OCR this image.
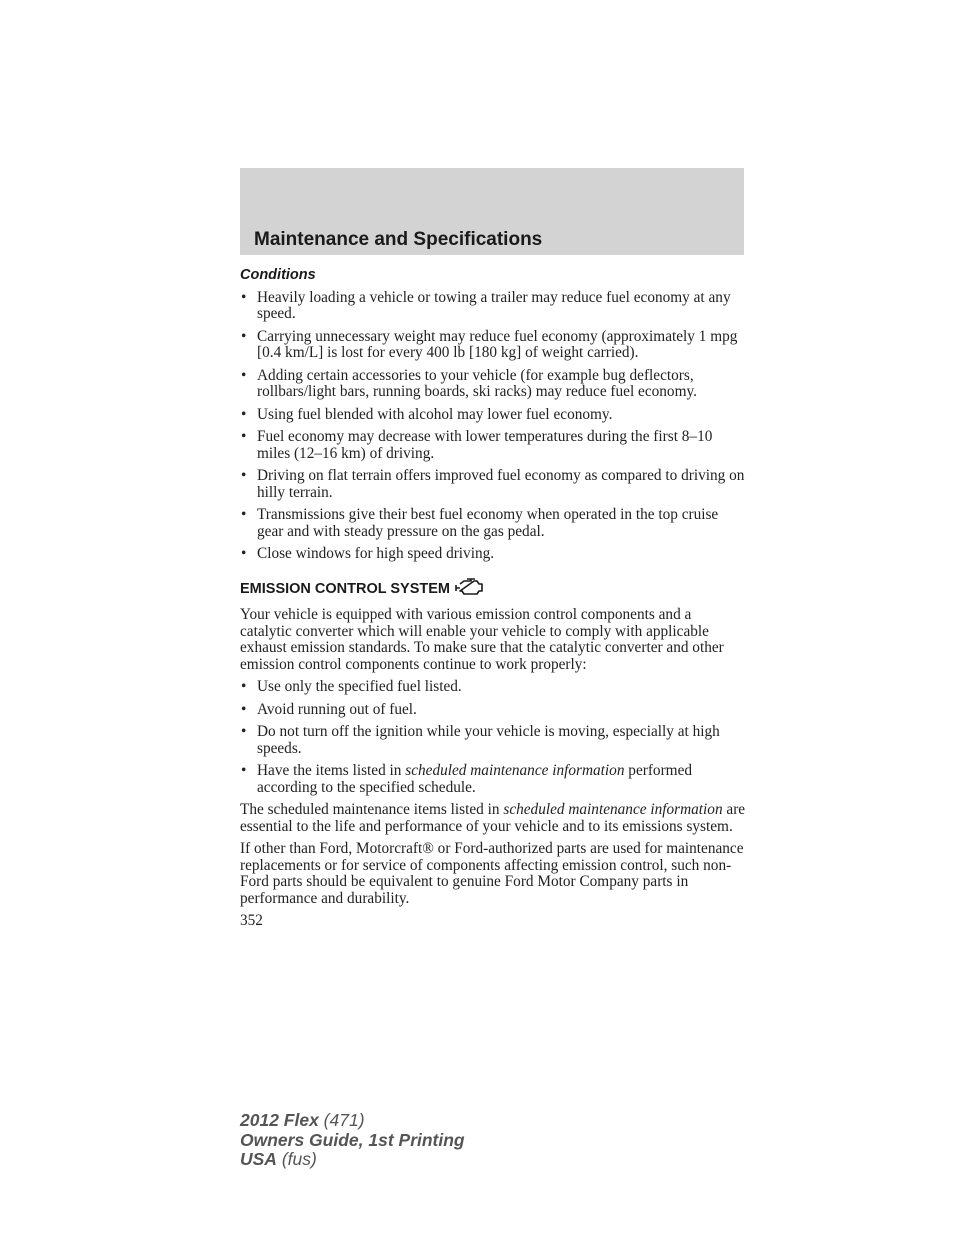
Maintenance and Specifications
Conditions
• Heavily loading a vehicle or towing a trailer may reduce fuel economy at any speed.
• Carrying unnecessary weight may reduce fuel economy (approximately 1 mpg [0.4 km/L] is lost for every 400 lb [180 kg] of weight carried).
• Adding certain accessories to your vehicle (for example bug deflectors, rollbars/light bars, running boards, ski racks) may reduce fuel economy.
• Using fuel blended with alcohol may lower fuel economy.
• Fuel economy may decrease with lower temperatures during the first 8–10 miles (12–16 km) of driving.
• Driving on flat terrain offers improved fuel economy as compared to driving on hilly terrain.
• Transmissions give their best fuel economy when operated in the top cruise gear and with steady pressure on the gas pedal.
• Close windows for high speed driving.
EMISSION CONTROL SYSTEM

Your vehicle is equipped with various emission control components and a catalytic converter which will enable your vehicle to comply with applicable exhaust emission standards. To make sure that the catalytic converter and other emission control components continue to work properly:

• Use only the specified fuel listed.
• Avoid running out of fuel.
• Do not turn off the ignition while your vehicle is moving, especially at high speeds.
• Have the items listed in scheduled maintenance information performed according to the specified schedule.

The scheduled maintenance items listed in scheduled maintenance information are essential to the life and performance of your vehicle and to its emissions system.

If other than Ford, Motorcraft® or Ford-authorized parts are used for maintenance replacements or for service of components affecting emission control, such non-Ford parts should be equivalent to genuine Ford Motor Company parts in performance and durability.

352
2012 Flex (471)
Owners Guide, 1st Printing
USA (fus)
